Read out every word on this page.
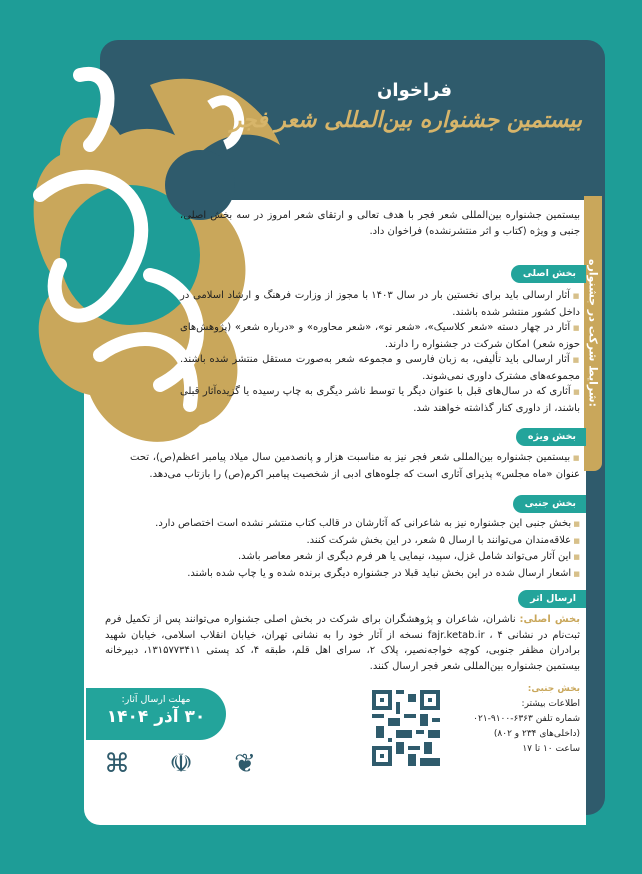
شرایط شرکت در جشنواره:
فراخوان
بیستمین جشنواره بین‌المللی شعر فجر
بیستمین جشنواره بین‌المللی شعر فجر با هدف تعالی و ارتقای شعر امروز در سه بخش اصلی، جنبی و ویژه (کتاب و اثر منتشرنشده) فراخوان داد.
بخش اصلی
■ آثار ارسالی باید برای نخستین بار در سال ۱۴۰۳ با مجوز از وزارت فرهنگ و ارشاد اسلامی در داخل کشور منتشر شده باشند.
■ آثار در چهار دسته «شعر کلاسیک»، «شعر نو»، «شعر محاوره» و «درباره شعر» (پژوهش‌های حوزه شعر) امکان شرکت در جشنواره را دارند.
■ آثار ارسالی باید تألیفی، به زبان فارسی و مجموعه شعر به‌صورت مستقل منتشر شده باشند. مجموعه‌های مشترک داوری نمی‌شوند.
■ آثاری که در سال‌های قبل با عنوان دیگر یا توسط ناشر دیگری به چاپ رسیده یا گزیده‌آثار قبلی باشند، از داوری کنار گذاشته خواهند شد.
بخش ویژه
■ بیستمین جشنواره بین‌المللی شعر فجر نیز به مناسبت هزار و پانصدمین سال میلاد پیامبر اعظم(ص)، تحت عنوان «ماه مجلس» پذیرای آثاری است که جلوه‌های ادبی از شخصیت پیامبر اکرم(ص) را بازتاب می‌دهد.
بخش جنبی
■ بخش جنبی این جشنواره نیز به شاعرانی که آثارشان در قالب کتاب منتشر نشده است اختصاص دارد.
■ علاقه‌مندان می‌توانند با ارسال ۵ شعر، در این بخش شرکت کنند.
■ این آثار می‌تواند شامل غزل، سپید، نیمایی یا هر فرم دیگری از شعر معاصر باشد.
■ اشعار ارسال شده در این بخش نباید قبلا در جشنواره دیگری برنده شده و یا چاپ شده باشند.
ارسال اثر
بخش اصلی: ناشران، شاعران و پژوهشگران برای شرکت در بخش اصلی جشنواره می‌توانند پس از تکمیل فرم ثبت‌نام در نشانی fajr.ketab.ir ، ۴ نسخه از آثار خود را به نشانی تهران، خیابان انقلاب اسلامی، خیابان شهید برادران مظفر جنوبی، کوچه خواجه‌نصیر، پلاک ۲، سرای اهل قلم، طبقه ۴، کد پستی ۱۳۱۵۷۷۳۴۱۱، دبیرخانه بیستمین جشنواره بین‌المللی شعر فجر ارسال کنند.
مهلت ارسال آثار:
۳۰ آذر ۱۴۰۴
بخش جنبی:
اطلاعات بیشتر:
شماره تلفن ۶۳۶۳-۹۱۰۰-۰۲۱
(داخلی‌های ۲۳۴ و ۸۰۲)
ساعت ۱۰ تا ۱۷
⌘ ☫ ❦
